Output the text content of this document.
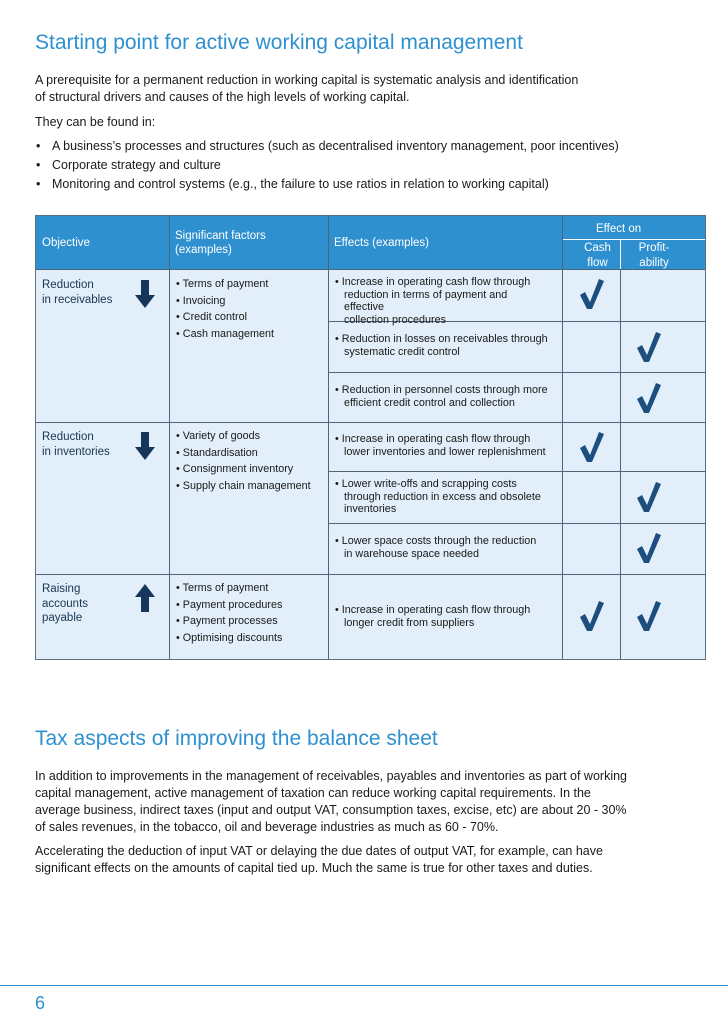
Starting point for active working capital management
A prerequisite for a permanent reduction in working capital is systematic analysis and identification
of structural drivers and causes of the high levels of working capital.
They can be found in:
• A business’s processes and structures (such as decentralised inventory management, poor incentives)
• Corporate strategy and culture
• Monitoring and control systems (e.g., the failure to use ratios in relation to working capital)
Objective
Significant factors
(examples)
Effects (examples)
Effect on
Cash
flow
Profit-
ability
Reduction
in receivables
• Terms of payment
• Invoicing
• Credit control
• Cash management
• Increase in operating cash flow through
reduction in terms of payment and effective
collection procedures
• Reduction in losses on receivables through
systematic credit control
• Reduction in personnel costs through more
efficient credit control and collection
Reduction
in inventories
• Variety of goods
• Standardisation
• Consignment inventory
• Supply chain management
• Increase in operating cash flow through
lower inventories and lower replenishment
• Lower write-offs and scrapping costs
through reduction in excess and obsolete
inventories
• Lower space costs through the reduction
in warehouse space needed
Raising
accounts
payable
• Terms of payment
• Payment procedures
• Payment processes
• Optimising discounts
• Increase in operating cash flow through
longer credit from suppliers
Tax aspects of improving the balance sheet
In addition to improvements in the management of receivables, payables and inventories as part of working
capital management, active management of taxation can reduce working capital requirements. In the
average business, indirect taxes (input and output VAT, consumption taxes, excise, etc) are about 20 - 30%
of sales revenues, in the tobacco, oil and beverage industries as much as 60 - 70%.
Accelerating the deduction of input VAT or delaying the due dates of output VAT, for example, can have
significant effects on the amounts of capital tied up. Much the same is true for other taxes and duties.
6
